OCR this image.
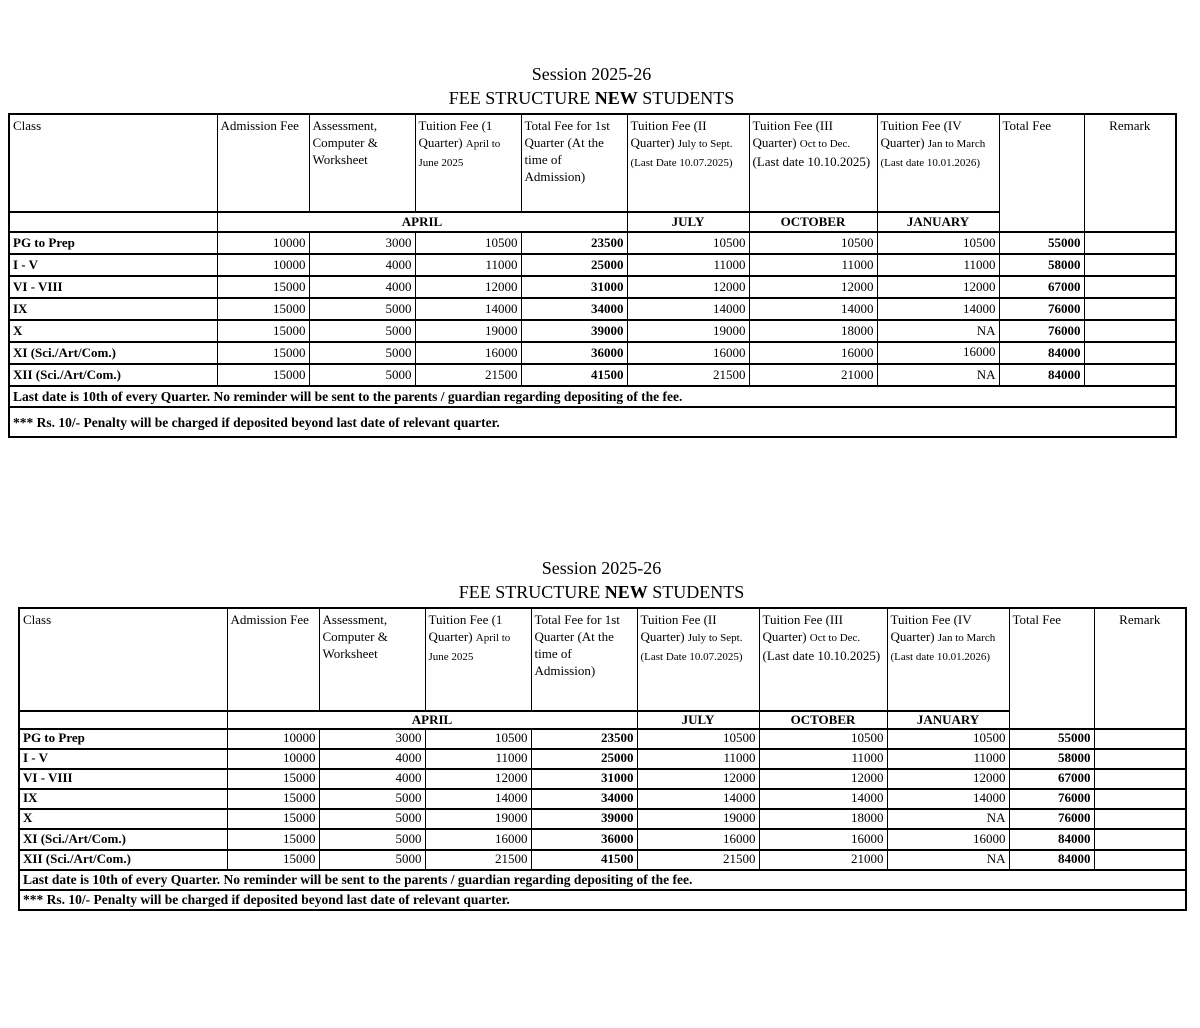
Session 2025-26
FEE STRUCTURE NEW STUDENTS
Class	Admission Fee	Assessment, Computer & Worksheet	Tuition Fee (1 Quarter) April to June 2025	Total Fee for 1st Quarter (At the time of Admission)	Tuition Fee (II Quarter) July to Sept. (Last Date 10.07.2025)	Tuition Fee (III Quarter) Oct to Dec. (Last date 10.10.2025)	Tuition Fee (IV Quarter) Jan to March (Last date 10.01.2026)	Total Fee	Remark
	APRIL				JULY	OCTOBER	JANUARY		
PG to Prep	10000	3000	10500	23500	10500	10500	10500	55000	
I - V	10000	4000	11000	25000	11000	11000	11000	58000	
VI - VIII	15000	4000	12000	31000	12000	12000	12000	67000	
IX	15000	5000	14000	34000	14000	14000	14000	76000	
X	15000	5000	19000	39000	19000	18000	NA	76000	
XI (Sci./Art/Com.)	15000	5000	16000	36000	16000	16000	16000	84000	
XII (Sci./Art/Com.)	15000	5000	21500	41500	21500	21000	NA	84000	
Last date is 10th of every Quarter. No reminder will be sent to the parents / guardian regarding depositing of the fee.									
*** Rs. 10/- Penalty will be charged if deposited beyond last date of relevant quarter.									
Session 2025-26
FEE STRUCTURE NEW STUDENTS
Class	Admission Fee	Assessment, Computer & Worksheet	Tuition Fee (1 Quarter) April to June 2025	Total Fee for 1st Quarter (At the time of Admission)	Tuition Fee (II Quarter) July to Sept. (Last Date 10.07.2025)	Tuition Fee (III Quarter) Oct to Dec. (Last date 10.10.2025)	Tuition Fee (IV Quarter) Jan to March (Last date 10.01.2026)	Total Fee	Remark
	APRIL				JULY	OCTOBER	JANUARY		
PG to Prep	10000	3000	10500	23500	10500	10500	10500	55000	
I - V	10000	4000	11000	25000	11000	11000	11000	58000	
VI - VIII	15000	4000	12000	31000	12000	12000	12000	67000	
IX	15000	5000	14000	34000	14000	14000	14000	76000	
X	15000	5000	19000	39000	19000	18000	NA	76000	
XI (Sci./Art/Com.)	15000	5000	16000	36000	16000	16000	16000	84000	
XII (Sci./Art/Com.)	15000	5000	21500	41500	21500	21000	NA	84000	
Last date is 10th of every Quarter. No reminder will be sent to the parents / guardian regarding depositing of the fee.									
*** Rs. 10/- Penalty will be charged if deposited beyond last date of relevant quarter.									
